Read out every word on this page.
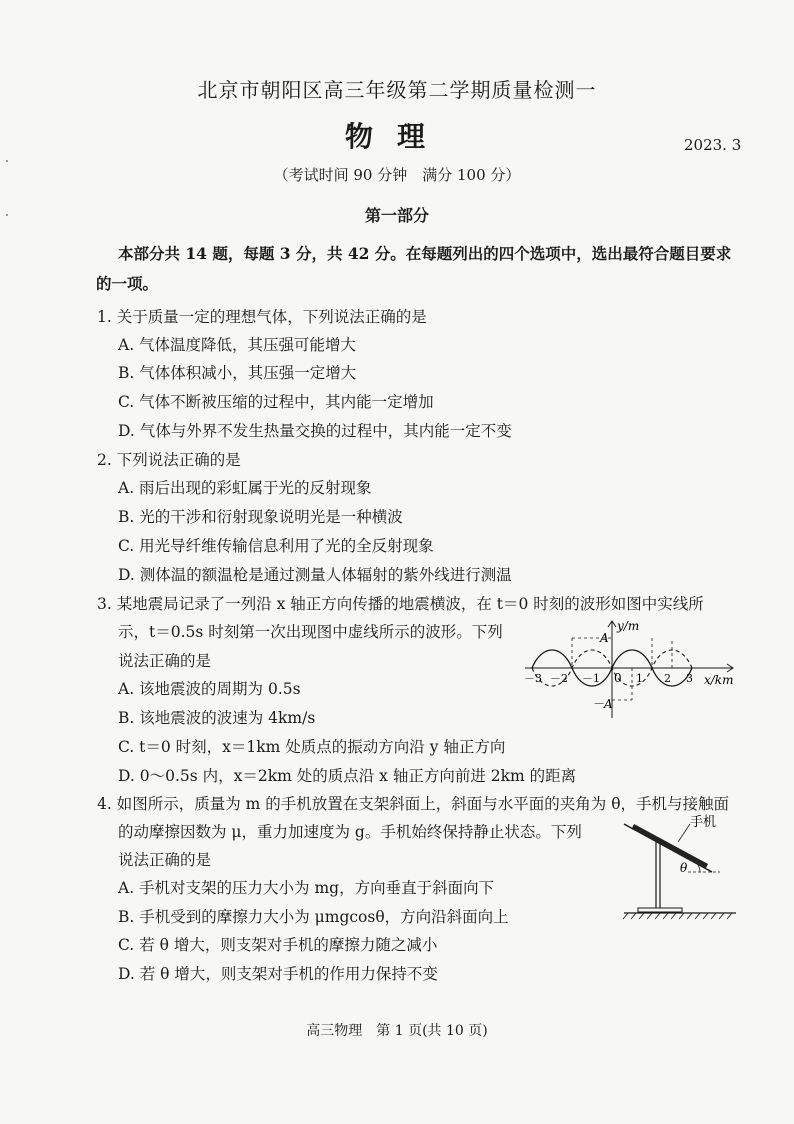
北京市朝阳区高三年级第二学期质量检测一
物理	2023. 3
（考试时间 90 分钟　满分 100 分）
第一部分
本部分共 14 题，每题 3 分，共 42 分。在每题列出的四个选项中，选出最符合题目要求
的一项。
1. 关于质量一定的理想气体，下列说法正确的是
A. 气体温度降低，其压强可能增大
B. 气体体积减小，其压强一定增大
C. 气体不断被压缩的过程中，其内能一定增加
D. 气体与外界不发生热量交换的过程中，其内能一定不变
2. 下列说法正确的是
A. 雨后出现的彩虹属于光的反射现象
B. 光的干涉和衍射现象说明光是一种横波
C. 用光导纤维传输信息利用了光的全反射现象
D. 测体温的额温枪是通过测量人体辐射的紫外线进行测温
3. 某地震局记录了一列沿 x 轴正方向传播的地震横波，在 t＝0 时刻的波形如图中实线所
示，t＝0.5s 时刻第一次出现图中虚线所示的波形。下列
说法正确的是
A. 该地震波的周期为 0.5s
B. 该地震波的波速为 4km/s
C. t＝0 时刻，x＝1km 处质点的振动方向沿 y 轴正方向
D. 0～0.5s 内，x＝2km 处的质点沿 x 轴正方向前进 2km 的距离
y/m
A
－A
x/km
0
－3 －2 －1	1 2 3
4. 如图所示，质量为 m 的手机放置在支架斜面上，斜面与水平面的夹角为 θ，手机与接触面
的动摩擦因数为 μ，重力加速度为 g。手机始终保持静止状态。下列
说法正确的是
A. 手机对支架的压力大小为 mg，方向垂直于斜面向下
B. 手机受到的摩擦力大小为 μmgcosθ，方向沿斜面向上
C. 若 θ 增大，则支架对手机的摩擦力随之减小
D. 若 θ 增大，则支架对手机的作用力保持不变
手机
θ
高三物理　第 1 页(共 10 页)
